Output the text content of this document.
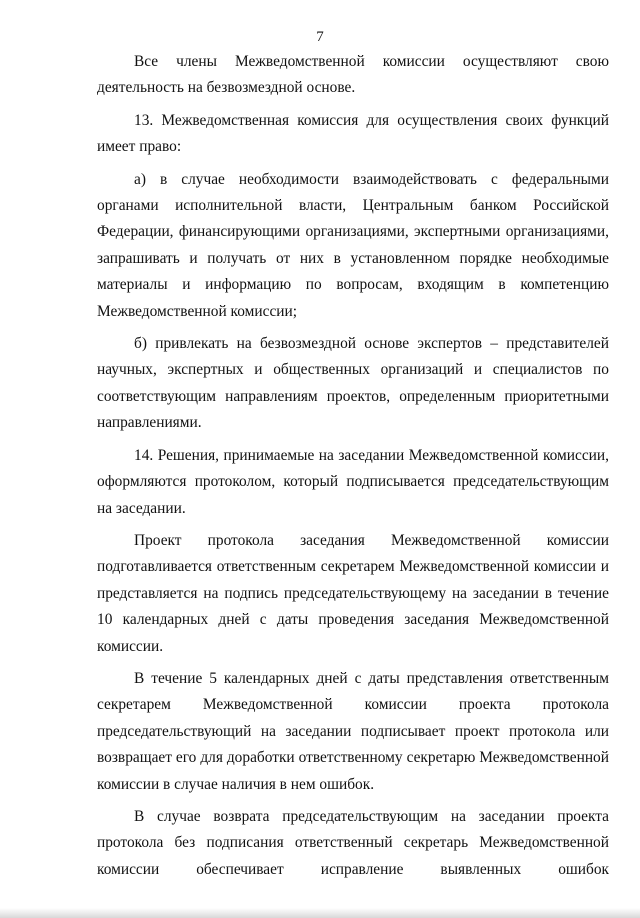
7

Все члены Межведомственной комиссии осуществляют свою деятельность на безвозмездной основе.

13. Межведомственная комиссия для осуществления своих функций имеет право:

а) в случае необходимости взаимодействовать с федеральными органами исполнительной власти, Центральным банком Российской Федерации, финансирующими организациями, экспертными организациями, запрашивать и получать от них в установленном порядке необходимые материалы и информацию по вопросам, входящим в компетенцию Межведомственной комиссии;

б) привлекать на безвозмездной основе экспертов – представителей научных, экспертных и общественных организаций и специалистов по соответствующим направлениям проектов, определенным приоритетными направлениями.

14. Решения, принимаемые на заседании Межведомственной комиссии, оформляются протоколом, который подписывается председательствующим на заседании.

Проект протокола заседания Межведомственной комиссии подготавливается ответственным секретарем Межведомственной комиссии и представляется на подпись председательствующему на заседании в течение 10 календарных дней с даты проведения заседания Межведомственной комиссии.

В течение 5 календарных дней с даты представления ответственным секретарем Межведомственной комиссии проекта протокола председательствующий на заседании подписывает проект протокола или возвращает его для доработки ответственному секретарю Межведомственной комиссии в случае наличия в нем ошибок.

В случае возврата председательствующим на заседании проекта протокола без подписания ответственный секретарь Межведомственной комиссии обеспечивает исправление выявленных ошибок
